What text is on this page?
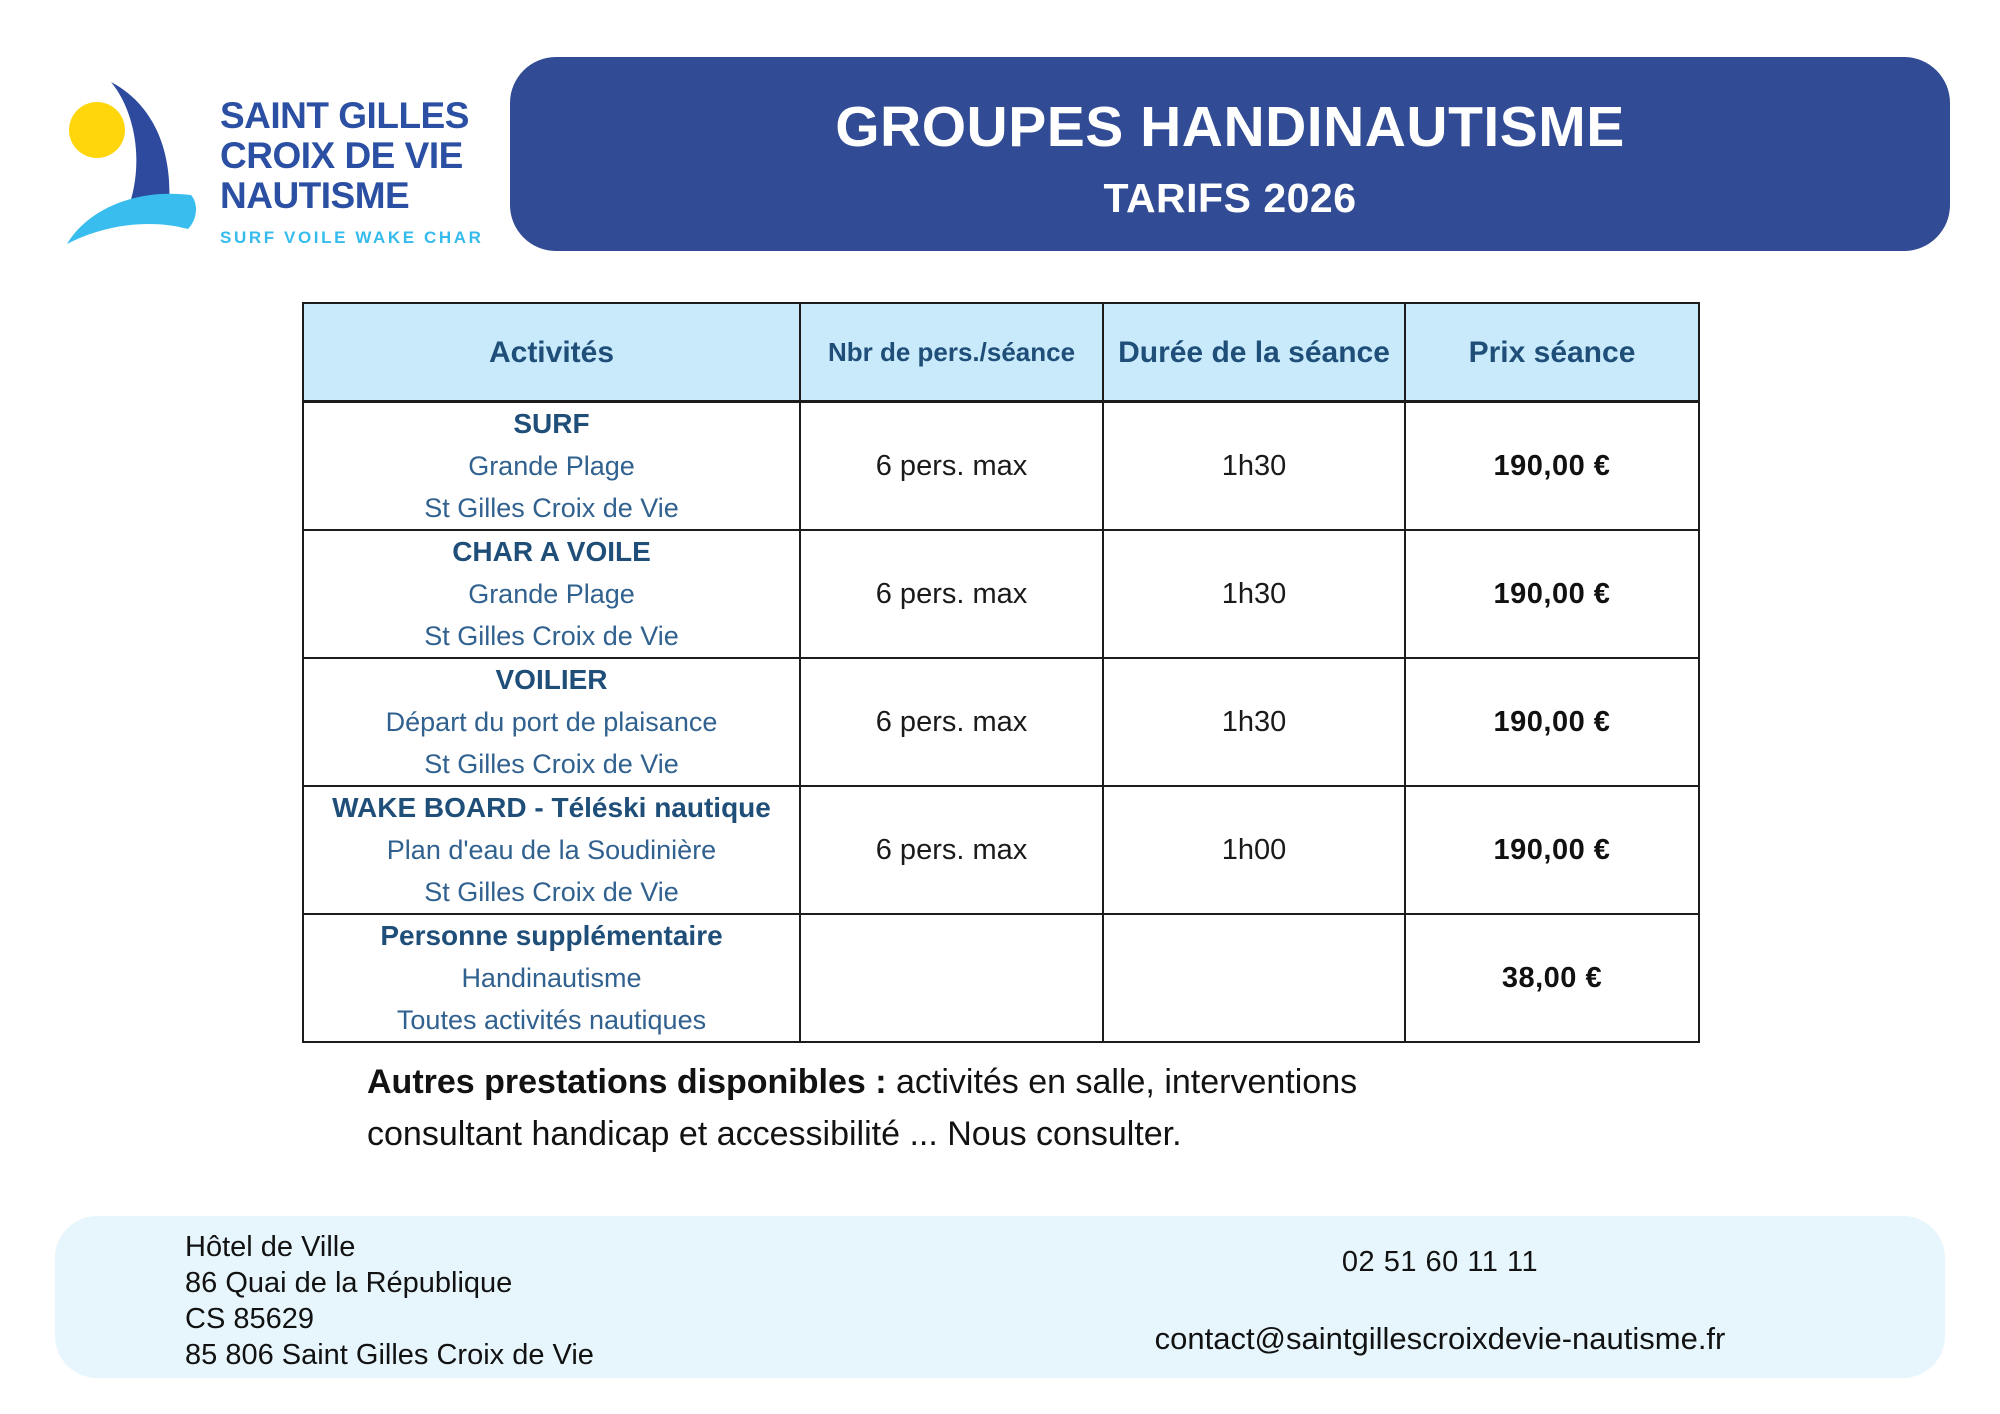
SAINT GILLES
CROIX DE VIE
NAUTISME
SURF VOILE WAKE CHAR
GROUPES HANDINAUTISME
TARIFS 2026
Activités	Nbr de pers./séance	Durée de la séance	Prix séance

SURF
Grande Plage
St Gilles Croix de Vie	6 pers. max	1h30	190,00 €

CHAR A VOILE
Grande Plage
St Gilles Croix de Vie	6 pers. max	1h30	190,00 €

VOILIER
Départ du port de plaisance
St Gilles Croix de Vie	6 pers. max	1h30	190,00 €

WAKE BOARD - Téléski nautique
Plan d'eau de la Soudinière
St Gilles Croix de Vie	6 pers. max	1h00	190,00 €

Personne supplémentaire
Handinautisme
Toutes activités nautiques			38,00 €
Autres prestations disponibles : activités en salle, interventions
consultant handicap et accessibilité ... Nous consulter.
Hôtel de Ville
86 Quai de la République
CS 85629
85 806 Saint Gilles Croix de Vie
02 51 60 11 11
contact@saintgillescroixdevie-nautisme.fr
